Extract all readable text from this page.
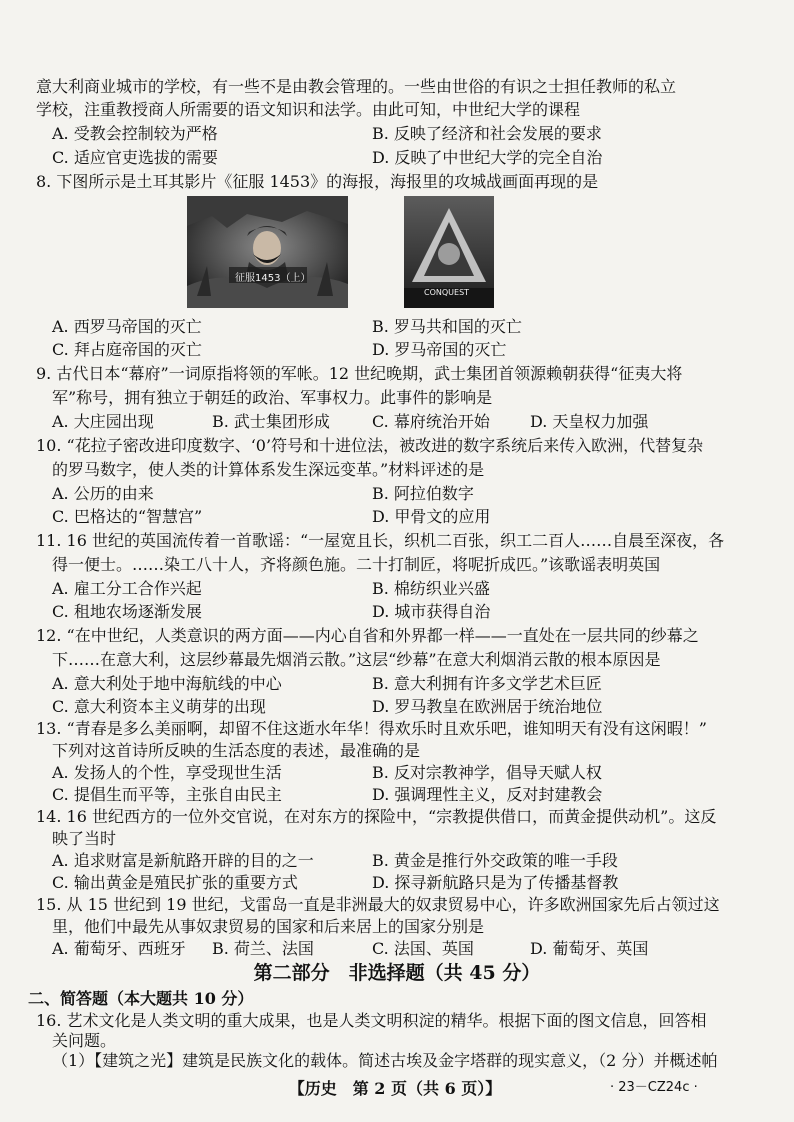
意大利商业城市的学校，有一些不是由教会管理的。一些由世俗的有识之士担任教师的私立
学校，注重教授商人所需要的语文知识和法学。由此可知，中世纪大学的课程
A. 受教会控制较为严格	B. 反映了经济和社会发展的要求
C. 适应官吏选拔的需要	D. 反映了中世纪大学的完全自治
8. 下图所示是土耳其影片《征服 1453》的海报，海报里的攻城战画面再现的是
征服1453（上）
CONQUEST
A. 西罗马帝国的灭亡	B. 罗马共和国的灭亡
C. 拜占庭帝国的灭亡	D. 罗马帝国的灭亡
9. 古代日本“幕府”一词原指将领的军帐。12 世纪晚期，武士集团首领源赖朝获得“征夷大将
军”称号，拥有独立于朝廷的政治、军事权力。此事件的影响是
A. 大庄园出现	B. 武士集团形成	C. 幕府统治开始	D. 天皇权力加强
10. “花拉子密改进印度数字、‘0’符号和十进位法，被改进的数字系统后来传入欧洲，代替复杂
的罗马数字，使人类的计算体系发生深远变革。”材料评述的是
A. 公历的由来	B. 阿拉伯数字
C. 巴格达的“智慧宫”	D. 甲骨文的应用
11. 16 世纪的英国流传着一首歌谣：“一屋宽且长，织机二百张，织工二百人……自晨至深夜，各
得一便士。……染工八十人，齐将颜色施。二十打制匠，将呢折成匹。”该歌谣表明英国
A. 雇工分工合作兴起	B. 棉纺织业兴盛
C. 租地农场逐渐发展	D. 城市获得自治
12. “在中世纪，人类意识的两方面——内心自省和外界都一样——一直处在一层共同的纱幕之
下……在意大利，这层纱幕最先烟消云散。”这层“纱幕”在意大利烟消云散的根本原因是
A. 意大利处于地中海航线的中心	B. 意大利拥有许多文学艺术巨匠
C. 意大利资本主义萌芽的出现	D. 罗马教皇在欧洲居于统治地位
13. “青春是多么美丽啊，却留不住这逝水年华！得欢乐时且欢乐吧，谁知明天有没有这闲暇！”
下列对这首诗所反映的生活态度的表述，最准确的是
A. 发扬人的个性，享受现世生活	B. 反对宗教神学，倡导天赋人权
C. 提倡生而平等，主张自由民主	D. 强调理性主义，反对封建教会
14. 16 世纪西方的一位外交官说，在对东方的探险中，“宗教提供借口，而黄金提供动机”。这反
映了当时
A. 追求财富是新航路开辟的目的之一	B. 黄金是推行外交政策的唯一手段
C. 输出黄金是殖民扩张的重要方式	D. 探寻新航路只是为了传播基督教
15. 从 15 世纪到 19 世纪，戈雷岛一直是非洲最大的奴隶贸易中心，许多欧洲国家先后占领过这
里，他们中最先从事奴隶贸易的国家和后来居上的国家分别是
A. 葡萄牙、西班牙 B. 荷兰、法国	C. 法国、英国	D. 葡萄牙、英国
第二部分　非选择题（共 45 分）
二、简答题（本大题共 10 分）
16. 艺术文化是人类文明的重大成果，也是人类文明积淀的精华。根据下面的图文信息，回答相
【历史　第 2 页（共 6 页）】	· 23－CZ24c ·
关问题。
（1）【建筑之光】建筑是民族文化的载体。简述古埃及金字塔群的现实意义，（2 分）并概述帕
